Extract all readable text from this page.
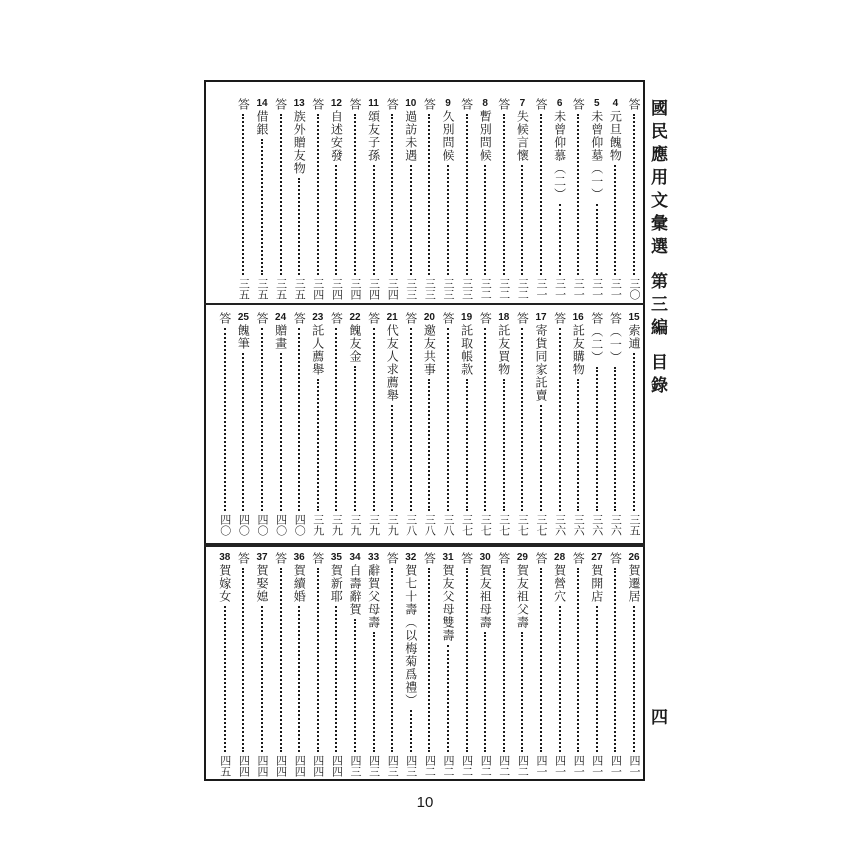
答
三〇
4
元旦餽物
三一
5
未曾仰墓（一）
三一
答
三一
6
未曾仰慕（二）
三一
答
三一
7
失候言懷
三二
答
三二
8
暫別問候
三二
答
三三
9
久別問候
三三
答
三三
10
過訪未遇
三三
答
三四
11
頌友子孫
三四
答
三四
12
自述安發
三四
答
三四
13
族外贈友物
三五
答
三五
14
借銀
三五
答
三五
15
索逋
三五
答（一）
三六
答（二）
三六
16
託友購物
三六
答
三六
17
寄貨同家託賣
三七
答
三七
18
託友買物
三七
答
三七
19
託取帳款
三七
答
三八
20
邀友共事
三八
答
三八
21
代友人求薦舉
三九
答
三九
22
餽友金
三九
答
三九
23
託人薦舉
三九
答
四〇
24
贈畫
四〇
答
四〇
25
餽筆
四〇
答
四〇
26
賀遷居
四一
答
四一
27
賀開店
四一
答
四一
28
賀營穴
四一
答
四一
29
賀友祖父壽
四二
答
四二
30
賀友祖母壽
四二
答
四二
31
賀友父母雙壽
四二
答
四二
32
賀七十壽（以梅菊爲禮）
四三
答
四三
33
辭賀父母壽
四三
34
自壽辭賀
四三
35
賀新耶
四四
答
四四
36
賀續婚
四四
答
四四
37
賀娶媳
四四
答
四四
38
賀嫁女
四五
國民應用文彙選 第三編 目錄
四
10
